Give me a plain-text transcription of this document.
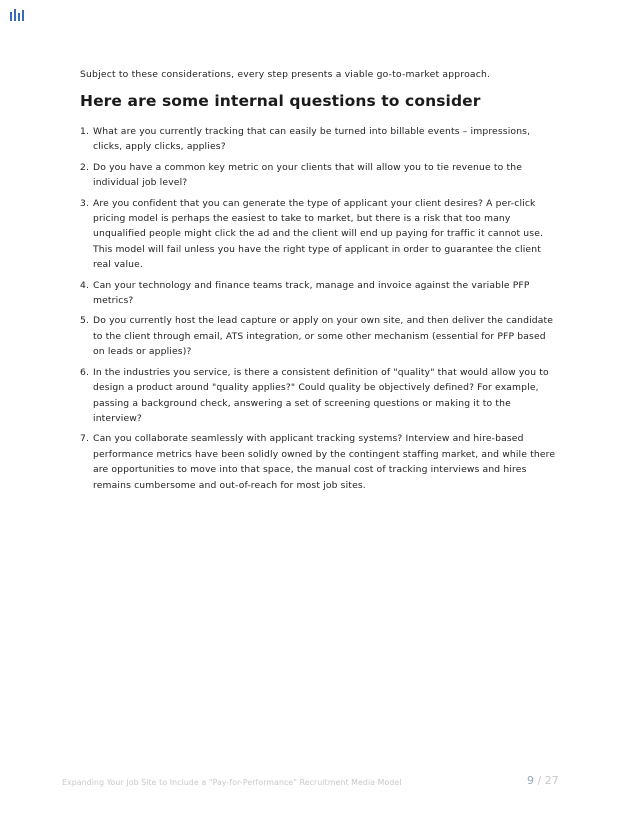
Subject to these considerations, every step presents a viable go-to-market approach.
Here are some internal questions to consider
1. What are you currently tracking that can easily be turned into billable events – impressions, clicks, apply clicks, applies?
2. Do you have a common key metric on your clients that will allow you to tie revenue to the individual job level?
3. Are you confident that you can generate the type of applicant your client desires? A per-click pricing model is perhaps the easiest to take to market, but there is a risk that too many unqualified people might click the ad and the client will end up paying for traffic it cannot use. This model will fail unless you have the right type of applicant in order to guarantee the client real value.
4. Can your technology and finance teams track, manage and invoice against the variable PFP metrics?
5. Do you currently host the lead capture or apply on your own site, and then deliver the candidate to the client through email, ATS integration, or some other mechanism (essential for PFP based on leads or applies)?
6. In the industries you service, is there a consistent definition of "quality" that would allow you to design a product around "quality applies?" Could quality be objectively defined? For example, passing a background check, answering a set of screening questions or making it to the interview?
7. Can you collaborate seamlessly with applicant tracking systems? Interview and hire-based performance metrics have been solidly owned by the contingent staffing market, and while there are opportunities to move into that space, the manual cost of tracking interviews and hires remains cumbersome and out-of-reach for most job sites.
Expanding Your Job Site to Include a "Pay-for-Performance" Recruitment Media Model	9 / 27
